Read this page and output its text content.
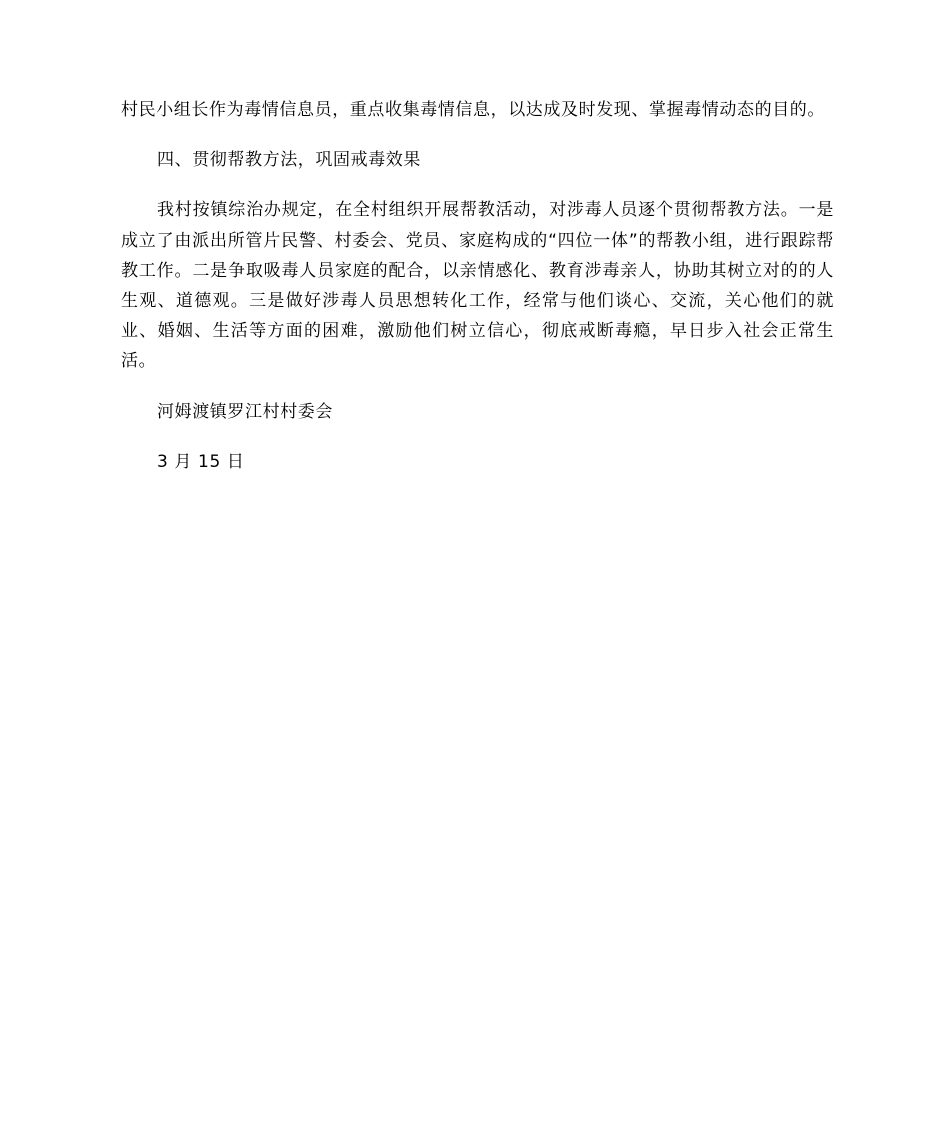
村民小组长作为毒情信息员，重点收集毒情信息，以达成及时发现、掌握毒情动态的目的。

四、贯彻帮教方法，巩固戒毒效果

我村按镇综治办规定，在全村组织开展帮教活动，对涉毒人员逐个贯彻帮教方法。一是成立了由派出所管片民警、村委会、党员、家庭构成的“四位一体”的帮教小组，进行跟踪帮教工作。二是争取吸毒人员家庭的配合，以亲情感化、教育涉毒亲人，协助其树立对的的人生观、道德观。三是做好涉毒人员思想转化工作，经常与他们谈心、交流，关心他们的就业、婚姻、生活等方面的困难，激励他们树立信心，彻底戒断毒瘾，早日步入社会正常生活。

河姆渡镇罗江村村委会

3 月 15 日
